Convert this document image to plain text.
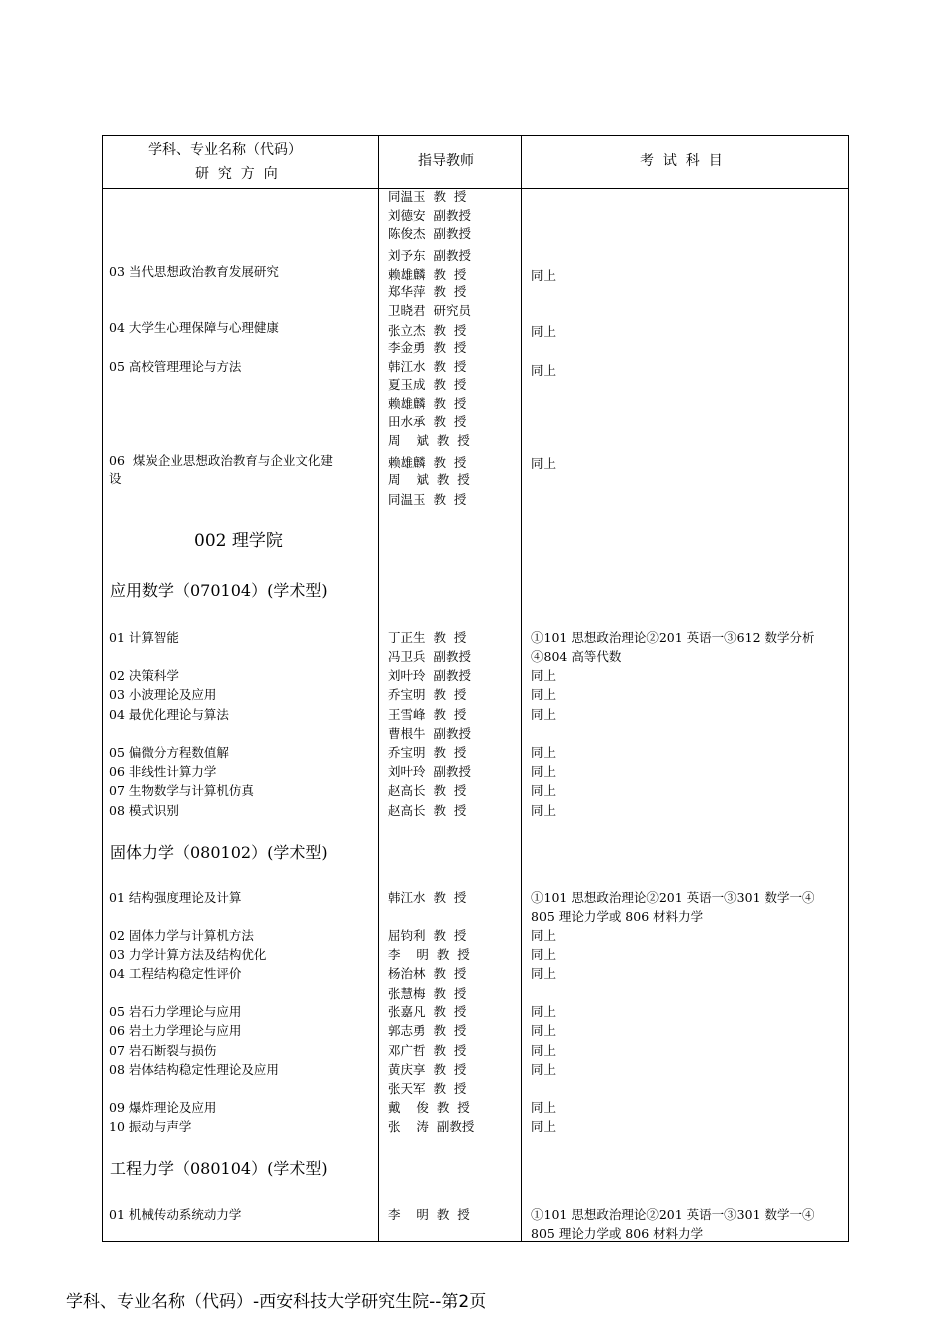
学科、专业名称（代码）
研  究  方  向
指导教师	考  试  科  目
同温玉  教  授
刘德安  副教授
陈俊杰  副教授
刘予东  副教授
03 当代思想政治教育发展研究	赖雄麟  教  授	同上
郑华萍  教  授
卫晓君  研究员
04 大学生心理保障与心理健康	张立杰  教  授	同上
李金勇  教  授
05 高校管理理论与方法	韩江水  教  授	同上
夏玉成  教  授
赖雄麟  教  授
田水承  教  授
周    斌  教  授
06  煤炭企业思想政治教育与企业文化建	赖雄麟  教  授	同上
设	周    斌  教  授
同温玉  教  授
002 理学院
应用数学（070104）(学术型)
01 计算智能	丁正生  教  授	①101 思想政治理论②201 英语一③612 数学分析
冯卫兵  副教授	④804 高等代数
02 决策科学	刘叶玲  副教授	同上
03 小波理论及应用	乔宝明  教  授	同上
04 最优化理论与算法	王雪峰  教  授	同上
曹根牛  副教授
05 偏微分方程数值解	乔宝明  教  授	同上
06 非线性计算力学	刘叶玲  副教授	同上
07 生物数学与计算机仿真	赵高长  教  授	同上
08 模式识别	赵高长  教  授	同上
固体力学（080102）(学术型)
01 结构强度理论及计算	韩江水  教  授	①101 思想政治理论②201 英语一③301 数学一④
805 理论力学或 806 材料力学
02 固体力学与计算机方法	屈钧利  教  授	同上
03 力学计算方法及结构优化	李    明  教  授	同上
04 工程结构稳定性评价	杨治林  教  授	同上
张慧梅  教  授
05 岩石力学理论与应用	张嘉凡  教  授	同上
06 岩土力学理论与应用	郭志勇  教  授	同上
07 岩石断裂与损伤	邓广哲  教  授	同上
08 岩体结构稳定性理论及应用	黄庆享  教  授	同上
张天军  教  授
09 爆炸理论及应用	戴    俊  教  授	同上
10 振动与声学	张    涛  副教授	同上
工程力学（080104）(学术型)
01 机械传动系统动力学	李    明  教  授	①101 思想政治理论②201 英语一③301 数学一④
805 理论力学或 806 材料力学
学科、专业名称（代码）-西安科技大学研究生院--第2页
